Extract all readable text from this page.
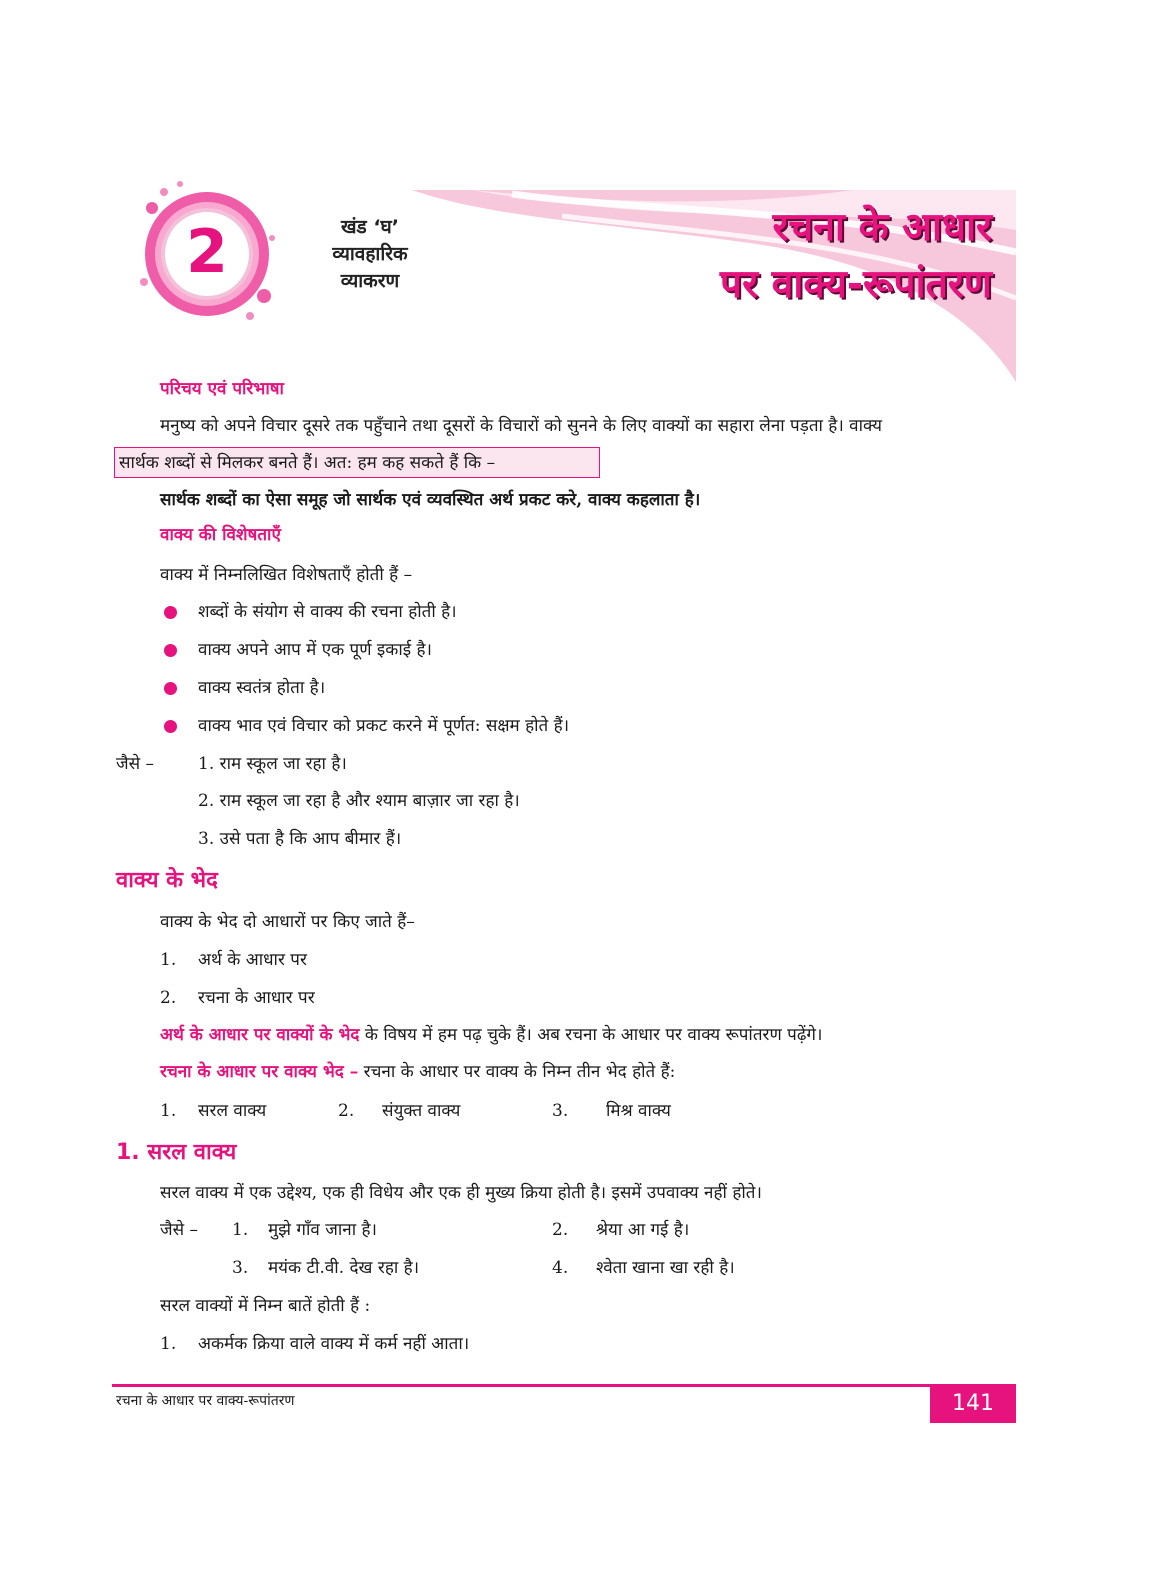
2	खंड ‘घ’
व्यावहारिक
व्याकरण
रचना के आधार
पर वाक्य-रूपांतरण
परिचय एवं परिभाषा
मनुष्य को अपने विचार दूसरे तक पहुँचाने तथा दूसरों के विचारों को सुनने के लिए वाक्यों का सहारा लेना पड़ता है। वाक्य
सार्थक शब्दों से मिलकर बनते हैं। अत: हम कह सकते हैं कि –
सार्थक शब्दों का ऐसा समूह जो सार्थक एवं व्यवस्थित अर्थ प्रकट करे, वाक्य कहलाता है।
वाक्य की विशेषताएँ
वाक्य में निम्नलिखित विशेषताएँ होती हैं –
शब्दों के संयोग से वाक्य की रचना होती है।
वाक्य अपने आप में एक पूर्ण इकाई है।
वाक्य स्वतंत्र होता है।
वाक्य भाव एवं विचार को प्रकट करने में पूर्णत: सक्षम होते हैं।
जैसे –	1. राम स्कूल जा रहा है।
2. राम स्कूल जा रहा है और श्याम बाज़ार जा रहा है।
3. उसे पता है कि आप बीमार हैं।
वाक्य के भेद
वाक्य के भेद दो आधारों पर किए जाते हैं–
1. अर्थ के आधार पर
2. रचना के आधार पर
अर्थ के आधार पर वाक्यों के भेद के विषय में हम पढ़ चुके हैं। अब रचना के आधार पर वाक्य रूपांतरण पढ़ेंगे।
रचना के आधार पर वाक्य भेद – रचना के आधार पर वाक्य के निम्न तीन भेद होते हैं:
1. सरल वाक्य	2. संयुक्त वाक्य	3. मिश्र वाक्य
1. सरल वाक्य
सरल वाक्य में एक उद्देश्य, एक ही विधेय और एक ही मुख्य क्रिया होती है। इसमें उपवाक्य नहीं होते।
जैसे – 1. मुझे गाँव जाना है।	2. श्रेया आ गई है।
3. मयंक टी.वी. देख रहा है।	4. श्वेता खाना खा रही है।
सरल वाक्यों में निम्न बातें होती हैं :
1. अकर्मक क्रिया वाले वाक्य में कर्म नहीं आता।
रचना के आधार पर वाक्य-रूपांतरण	141
